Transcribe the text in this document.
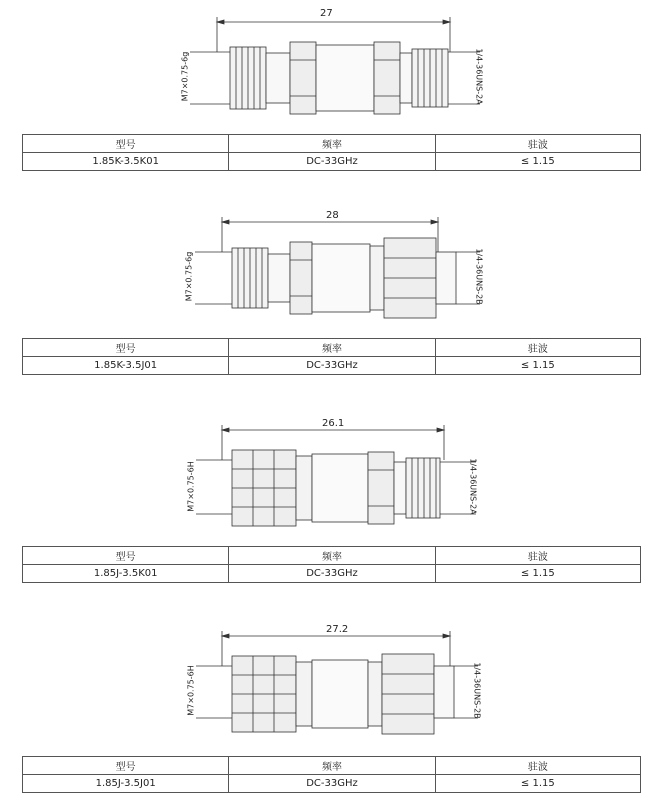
27
M7×0.75-6g	1/4-36UNS-2A
型号	频率	驻波
1.85K-3.5K01	DC-33GHz	≤ 1.15
28
M7×0.75-6g	1/4-36UNS-2B
型号	频率	驻波
1.85K-3.5J01	DC-33GHz	≤ 1.15
26.1
M7×0.75-6H	1/4-36UNS-2A
型号	频率	驻波
1.85J-3.5K01	DC-33GHz	≤ 1.15
27.2
M7×0.75-6H	1/4-36UNS-2B
型号	频率	驻波
1.85J-3.5J01	DC-33GHz	≤ 1.15
